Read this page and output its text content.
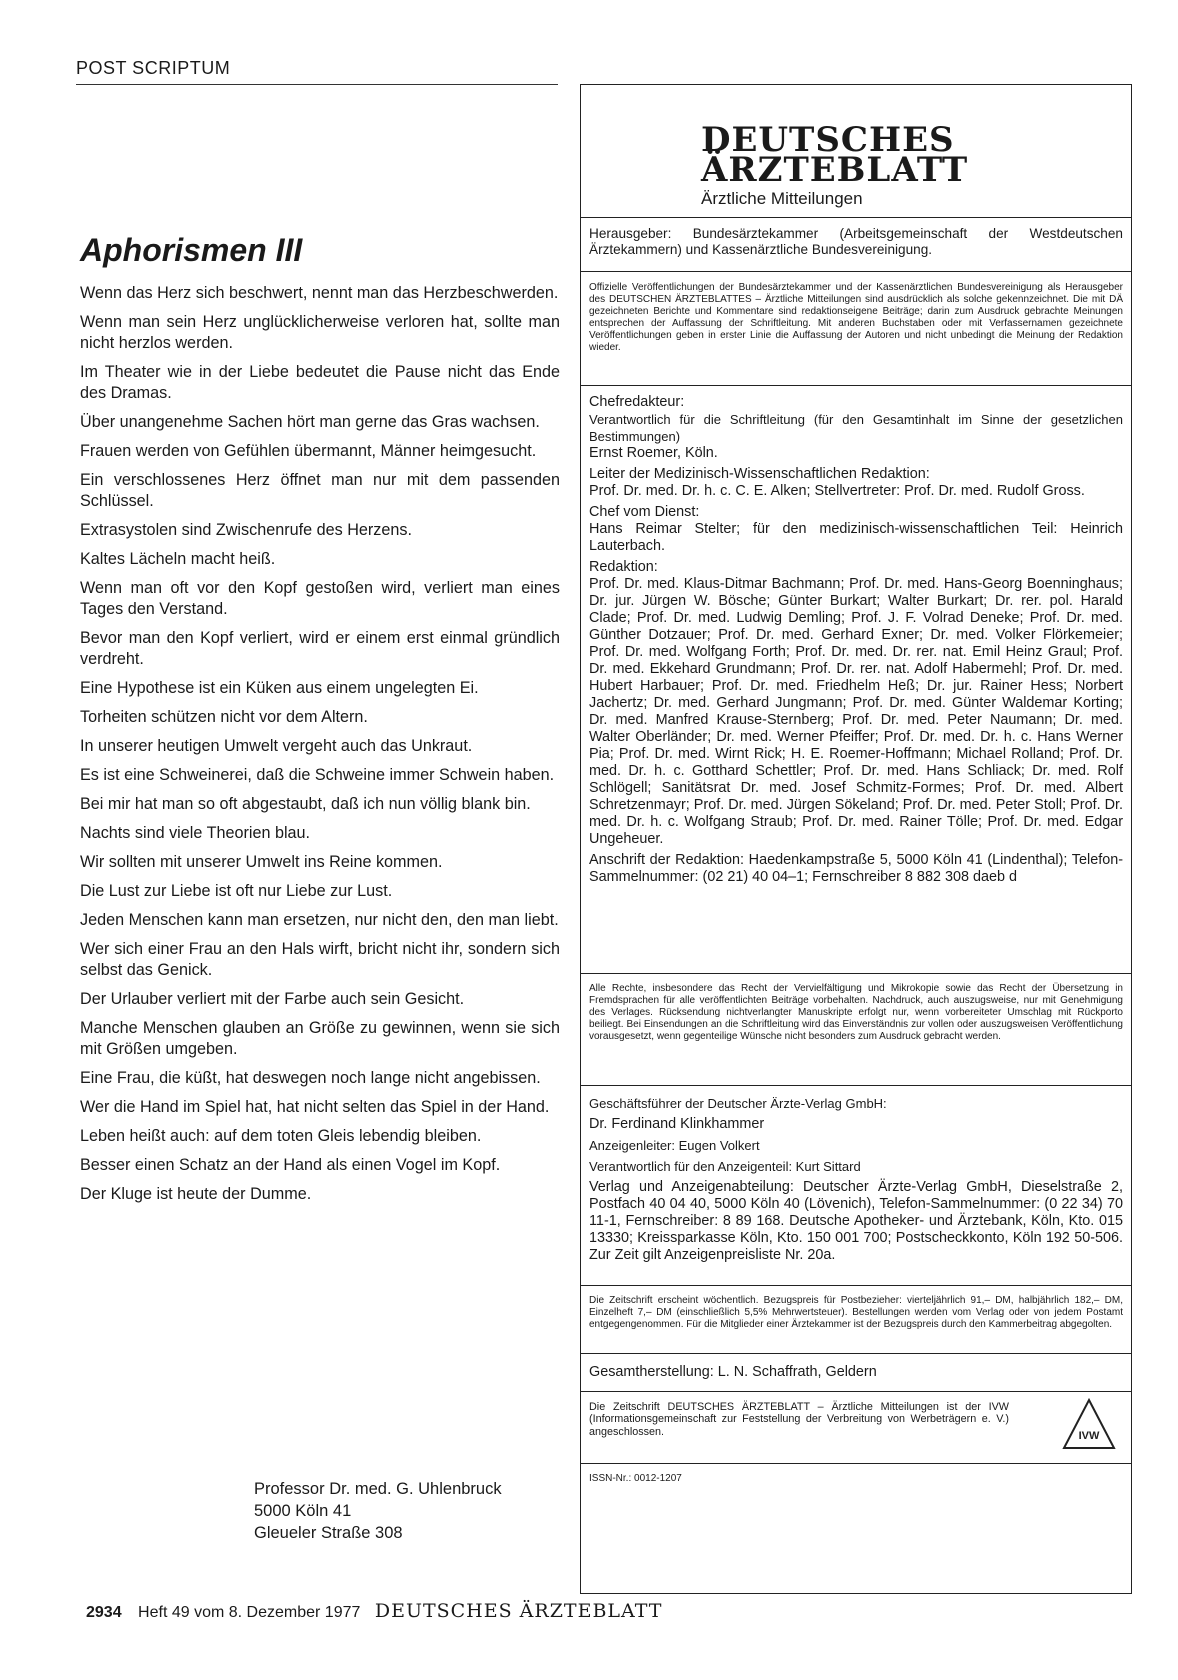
POST SCRIPTUM
Aphorismen III

Wenn das Herz sich beschwert, nennt man das Herzbeschwerden.

Wenn man sein Herz unglücklicherweise verloren hat, sollte man nicht herzlos werden.

Im Theater wie in der Liebe bedeutet die Pause nicht das Ende des Dramas.

Über unangenehme Sachen hört man gerne das Gras wachsen.

Frauen werden von Gefühlen übermannt, Männer heimgesucht.

Ein verschlossenes Herz öffnet man nur mit dem passenden Schlüssel.

Extrasystolen sind Zwischenrufe des Herzens.

Kaltes Lächeln macht heiß.

Wenn man oft vor den Kopf gestoßen wird, verliert man eines Tages den Verstand.

Bevor man den Kopf verliert, wird er einem erst einmal gründlich verdreht.

Eine Hypothese ist ein Küken aus einem ungelegten Ei.

Torheiten schützen nicht vor dem Altern.

In unserer heutigen Umwelt vergeht auch das Unkraut.

Es ist eine Schweinerei, daß die Schweine immer Schwein haben.

Bei mir hat man so oft abgestaubt, daß ich nun völlig blank bin.

Nachts sind viele Theorien blau.

Wir sollten mit unserer Umwelt ins Reine kommen.

Die Lust zur Liebe ist oft nur Liebe zur Lust.

Jeden Menschen kann man ersetzen, nur nicht den, den man liebt.

Wer sich einer Frau an den Hals wirft, bricht nicht ihr, sondern sich selbst das Genick.

Der Urlauber verliert mit der Farbe auch sein Gesicht.

Manche Menschen glauben an Größe zu gewinnen, wenn sie sich mit Größen umgeben.

Eine Frau, die küßt, hat deswegen noch lange nicht angebissen.

Wer die Hand im Spiel hat, hat nicht selten das Spiel in der Hand.

Leben heißt auch: auf dem toten Gleis lebendig bleiben.

Besser einen Schatz an der Hand als einen Vogel im Kopf.

Der Kluge ist heute der Dumme.

Professor Dr. med. G. Uhlenbruck
5000 Köln 41
Gleueler Straße 308
DEUTSCHES
ÄRZTEBLATT
Ärztliche Mitteilungen
Herausgeber: Bundesärztekammer (Arbeitsgemeinschaft der Westdeutschen Ärztekammern) und Kassenärztliche Bundesvereinigung.
Offizielle Veröffentlichungen der Bundesärztekammer und der Kassenärztlichen Bundesvereinigung als Herausgeber des DEUTSCHEN ÄRZTEBLATTES – Ärztliche Mitteilungen sind ausdrücklich als solche gekennzeichnet. Die mit DÄ gezeichneten Berichte und Kommentare sind redaktionseigene Beiträge; darin zum Ausdruck gebrachte Meinungen entsprechen der Auffassung der Schriftleitung. Mit anderen Buchstaben oder mit Verfassernamen gezeichnete Veröffentlichungen geben in erster Linie die Auffassung der Autoren und nicht unbedingt die Meinung der Redaktion wieder.
Chefredakteur:
Verantwortlich für die Schriftleitung (für den Gesamtinhalt im Sinne der gesetzlichen Bestimmungen)
Ernst Roemer, Köln.
Leiter der Medizinisch-Wissenschaftlichen Redaktion:
Prof. Dr. med. Dr. h. c. C. E. Alken; Stellvertreter: Prof. Dr. med. Rudolf Gross.
Chef vom Dienst:
Hans Reimar Stelter; für den medizinisch-wissenschaftlichen Teil: Heinrich Lauterbach.
Redaktion:
Prof. Dr. med. Klaus-Ditmar Bachmann; Prof. Dr. med. Hans-Georg Boenninghaus; Dr. jur. Jürgen W. Bösche; Günter Burkart; Walter Burkart; Dr. rer. pol. Harald Clade; Prof. Dr. med. Ludwig Demling; Prof. J. F. Volrad Deneke; Prof. Dr. med. Günther Dotzauer; Prof. Dr. med. Gerhard Exner; Dr. med. Volker Flörkemeier; Prof. Dr. med. Wolfgang Forth; Prof. Dr. med. Dr. rer. nat. Emil Heinz Graul; Prof. Dr. med. Ekkehard Grundmann; Prof. Dr. rer. nat. Adolf Habermehl; Prof. Dr. med. Hubert Harbauer; Prof. Dr. med. Friedhelm Heß; Dr. jur. Rainer Hess; Norbert Jachertz; Dr. med. Gerhard Jungmann; Prof. Dr. med. Günter Waldemar Korting; Dr. med. Manfred Krause-Sternberg; Prof. Dr. med. Peter Naumann; Dr. med. Walter Oberländer; Dr. med. Werner Pfeiffer; Prof. Dr. med. Dr. h. c. Hans Werner Pia; Prof. Dr. med. Wirnt Rick; H. E. Roemer-Hoffmann; Michael Rolland; Prof. Dr. med. Dr. h. c. Gotthard Schettler; Prof. Dr. med. Hans Schliack; Dr. med. Rolf Schlögell; Sanitätsrat Dr. med. Josef Schmitz-Formes; Prof. Dr. med. Albert Schretzenmayr; Prof. Dr. med. Jürgen Sökeland; Prof. Dr. med. Peter Stoll; Prof. Dr. med. Dr. h. c. Wolfgang Straub; Prof. Dr. med. Rainer Tölle; Prof. Dr. med. Edgar Ungeheuer.
Anschrift der Redaktion: Haedenkampstraße 5, 5000 Köln 41 (Lindenthal); Telefon-Sammelnummer: (02 21) 40 04–1; Fernschreiber 8 882 308 daeb d
Alle Rechte, insbesondere das Recht der Vervielfältigung und Mikrokopie sowie das Recht der Übersetzung in Fremdsprachen für alle veröffentlichten Beiträge vorbehalten. Nachdruck, auch auszugsweise, nur mit Genehmigung des Verlages. Rücksendung nichtverlangter Manuskripte erfolgt nur, wenn vorbereiteter Umschlag mit Rückporto beiliegt. Bei Einsendungen an die Schriftleitung wird das Einverständnis zur vollen oder auszugsweisen Veröffentlichung vorausgesetzt, wenn gegenteilige Wünsche nicht besonders zum Ausdruck gebracht werden.
Geschäftsführer der Deutscher Ärzte-Verlag GmbH:
Dr. Ferdinand Klinkhammer
Anzeigenleiter: Eugen Volkert
Verantwortlich für den Anzeigenteil: Kurt Sittard
Verlag und Anzeigenabteilung: Deutscher Ärzte-Verlag GmbH, Dieselstraße 2, Postfach 40 04 40, 5000 Köln 40 (Lövenich), Telefon-Sammelnummer: (0 22 34) 70 11-1, Fernschreiber: 8 89 168. Deutsche Apotheker- und Ärztebank, Köln, Kto. 015 13330; Kreissparkasse Köln, Kto. 150 001 700; Postscheckkonto, Köln 192 50-506. Zur Zeit gilt Anzeigenpreisliste Nr. 20a.
Die Zeitschrift erscheint wöchentlich. Bezugspreis für Postbezieher: vierteljährlich 91,– DM, halbjährlich 182,– DM, Einzelheft 7,– DM (einschließlich 5,5% Mehrwertsteuer). Bestellungen werden vom Verlag oder von jedem Postamt entgegengenommen. Für die Mitglieder einer Ärztekammer ist der Bezugspreis durch den Kammerbeitrag abgegolten.
Gesamtherstellung: L. N. Schaffrath, Geldern
Die Zeitschrift DEUTSCHES ÄRZTEBLATT – Ärztliche Mitteilungen ist der IVW (Informationsgemeinschaft zur Feststellung der Verbreitung von Werbeträgern e. V.) angeschlossen.	IVW
ISSN-Nr.: 0012-1207
2934 Heft 49 vom 8. Dezember 1977 DEUTSCHES ÄRZTEBLATT
